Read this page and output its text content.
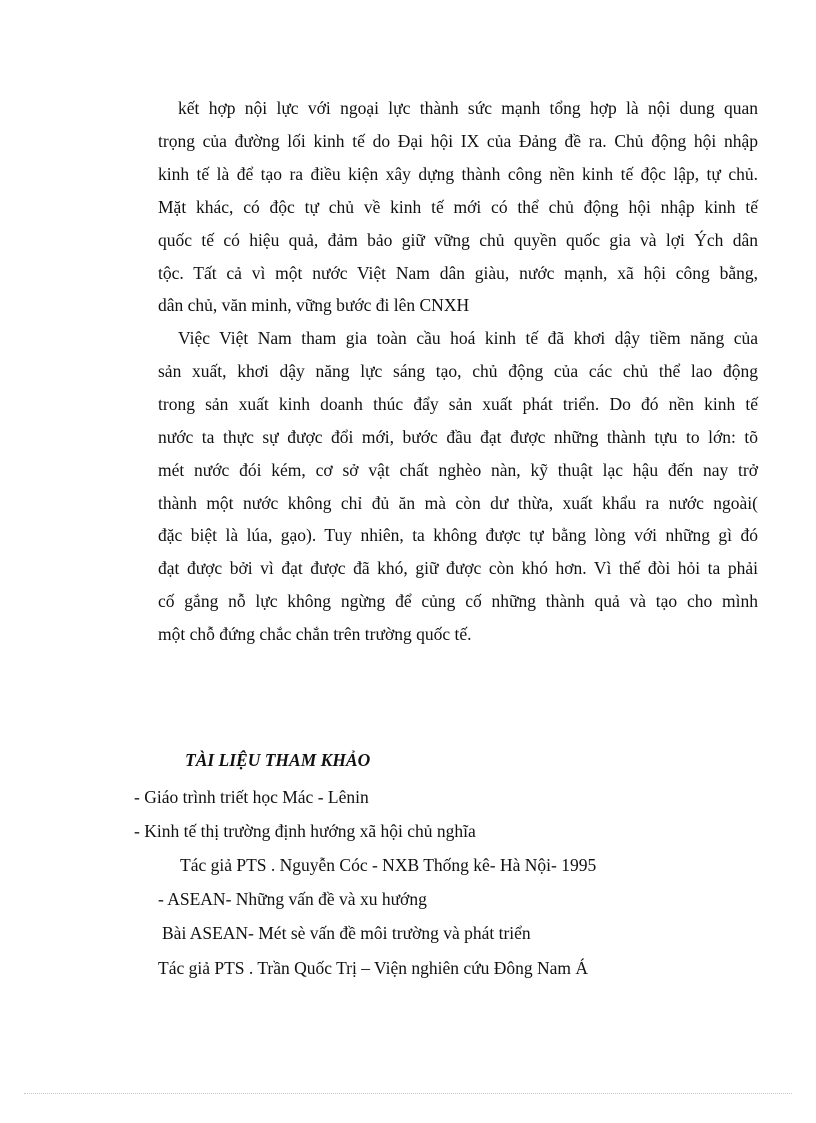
kết hợp nội lực với ngoại lực thành sức mạnh tổng hợp là nội dung quan
trọng của đường lối kinh tế do Đại hội IX của Đảng đề ra. Chủ động hội nhập
kinh tế là để tạo ra điều kiện xây dựng thành công nền kinh tế độc lập, tự chủ.
Mặt khác, có độc tự chủ về kinh tế mới có thể chủ động hội nhập kinh tế
quốc tế có hiệu quả, đảm bảo giữ vững chủ quyền quốc gia và lợi Ých dân
tộc. Tất cả vì một nước Việt Nam dân giàu, nước mạnh, xã hội công bằng,
dân chủ, văn minh, vững bước đi lên CNXH
Việc Việt Nam tham gia toàn cầu hoá kinh tế đã khơi dậy tiềm năng của
sản xuất, khơi dậy năng lực sáng tạo, chủ động của các chủ thể lao động
trong sản xuất kinh doanh thúc đẩy sản xuất phát triển. Do đó nền kinh tế
nước ta thực sự được đổi mới, bước đầu đạt được những thành tựu to lớn: tõ
mét nước đói kém, cơ sở vật chất nghèo nàn, kỹ thuật lạc hậu đến nay trở
thành một nước không chỉ đủ ăn mà còn dư thừa, xuất khẩu ra nước ngoài(
đặc biệt là lúa, gạo). Tuy nhiên, ta không được tự bằng lòng với những gì đó
đạt được bởi vì đạt được đã khó, giữ được còn khó hơn. Vì thế đòi hỏi ta phải
cố gắng nỗ lực không ngừng để củng cố những thành quả và tạo cho mình
một chỗ đứng chắc chắn trên trường quốc tế.
TÀI LIỆU THAM KHẢO
- Giáo trình triết học Mác - Lênin
- Kinh tế thị trường định hướng xã hội chủ nghĩa
Tác giả PTS . Nguyễn Cóc - NXB Thống kê- Hà Nội- 1995
- ASEAN- Những vấn đề và xu hướng
Bài ASEAN- Mét sè vấn đề môi trường và phát triển
Tác giả PTS . Trần Quốc Trị – Viện nghiên cứu Đông Nam Á
